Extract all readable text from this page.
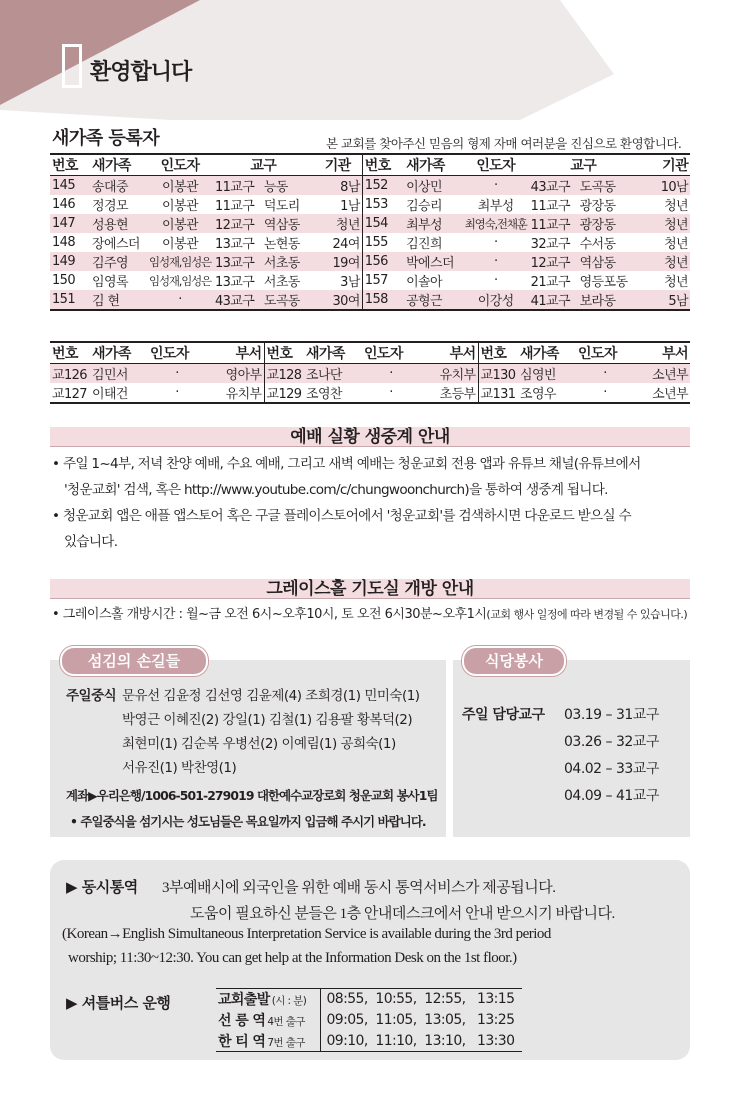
환영합니다
새가족 등록자	본 교회를 찾아주신 믿음의 형제 자매 여러분을 진심으로 환영합니다.
번호	새가족	인도자	교구		기관	번호	새가족	인도자	교구		기관
145	송대중	이봉관	11교구	능동	8남	152	이상민	·	43교구	도곡동	10남
146	정경모	이봉관	11교구	덕도리	1남	153	김승리	최부성	11교구	광장동	청년
147	성용현	이봉관	12교구	역삼동	청년	154	최부성	최영숙,전채훈	11교구	광장동	청년
148	장에스더	이봉관	13교구	논현동	24여	155	김진희	·	32교구	수서동	청년
149	김주영	임성재,임성은	13교구	서초동	19여	156	박에스더	·	12교구	역삼동	청년
150	임영록	임성재,임성은	13교구	서초동	3남	157	이솔아	·	21교구	영등포동	청년
151	김 현	·	43교구	도곡동	30여	158	공형근	이강성	41교구	보라동	5남
번호	새가족	인도자	부서	번호	새가족	인도자	부서	번호	새가족	인도자	부서
교126	김민서	·	영아부	교128	조나단	·	유치부	교130	심영빈	·	소년부
교127	이태건	·	유치부	교129	조영찬	·	초등부	교131	조영우	·	소년부
예배 실황 생중계 안내
• 주일 1~4부, 저녁 찬양 예배, 수요 예배, 그리고 새벽 예배는 청운교회 전용 앱과 유튜브 채널(유튜브에서
'청운교회' 검색, 혹은 http://www.youtube.com/c/chungwoonchurch)을 통하여 생중계 됩니다.
• 청운교회 앱은 애플 앱스토어 혹은 구글 플레이스토어에서 '청운교회'를 검색하시면 다운로드 받으실 수
있습니다.
그레이스홀 기도실 개방 안내
• 그레이스홀 개방시간 : 월~금 오전 6시~오후10시, 토 오전 6시30분~오후1시(교회 행사 일정에 따라 변경될 수 있습니다.)
섬김의 손길들
주일중식 문유선 김윤정 김선영 김윤제(4) 조희경(1) 민미숙(1)
박영근 이혜진(2) 강일(1) 김철(1) 김용팔 황복덕(2)
최현미(1) 김순복 우병선(2) 이예림(1) 공희숙(1)
서유진(1) 박찬영(1)
계좌▶우리은행/1006-501-279019 대한예수교장로회 청운교회 봉사1팀
• 주일중식을 섬기시는 성도님들은 목요일까지 입금해 주시기 바랍니다.
식당봉사
주일 담당교구 03.19 – 31교구
03.26 – 32교구
04.02 – 33교구
04.09 – 41교구
▶ 동시통역 3부예배시에 외국인을 위한 예배 동시 통역서비스가 제공됩니다.
도움이 필요하신 분들은 1층 안내데스크에서 안내 받으시기 바랍니다.
(Korean→English Simultaneous Interpretation Service is available during the 3rd period
worship; 11:30~12:30. You can get help at the Information Desk on the 1st floor.)
▶ 셔틀버스 운행	교회출발 (시 : 분)	08:55,  10:55,  12:55,   13:15
선 릉 역 4번 출구	09:05,  11:05,  13:05,   13:25
한 티 역 7번 출구	09:10,  11:10,  13:10,   13:30
